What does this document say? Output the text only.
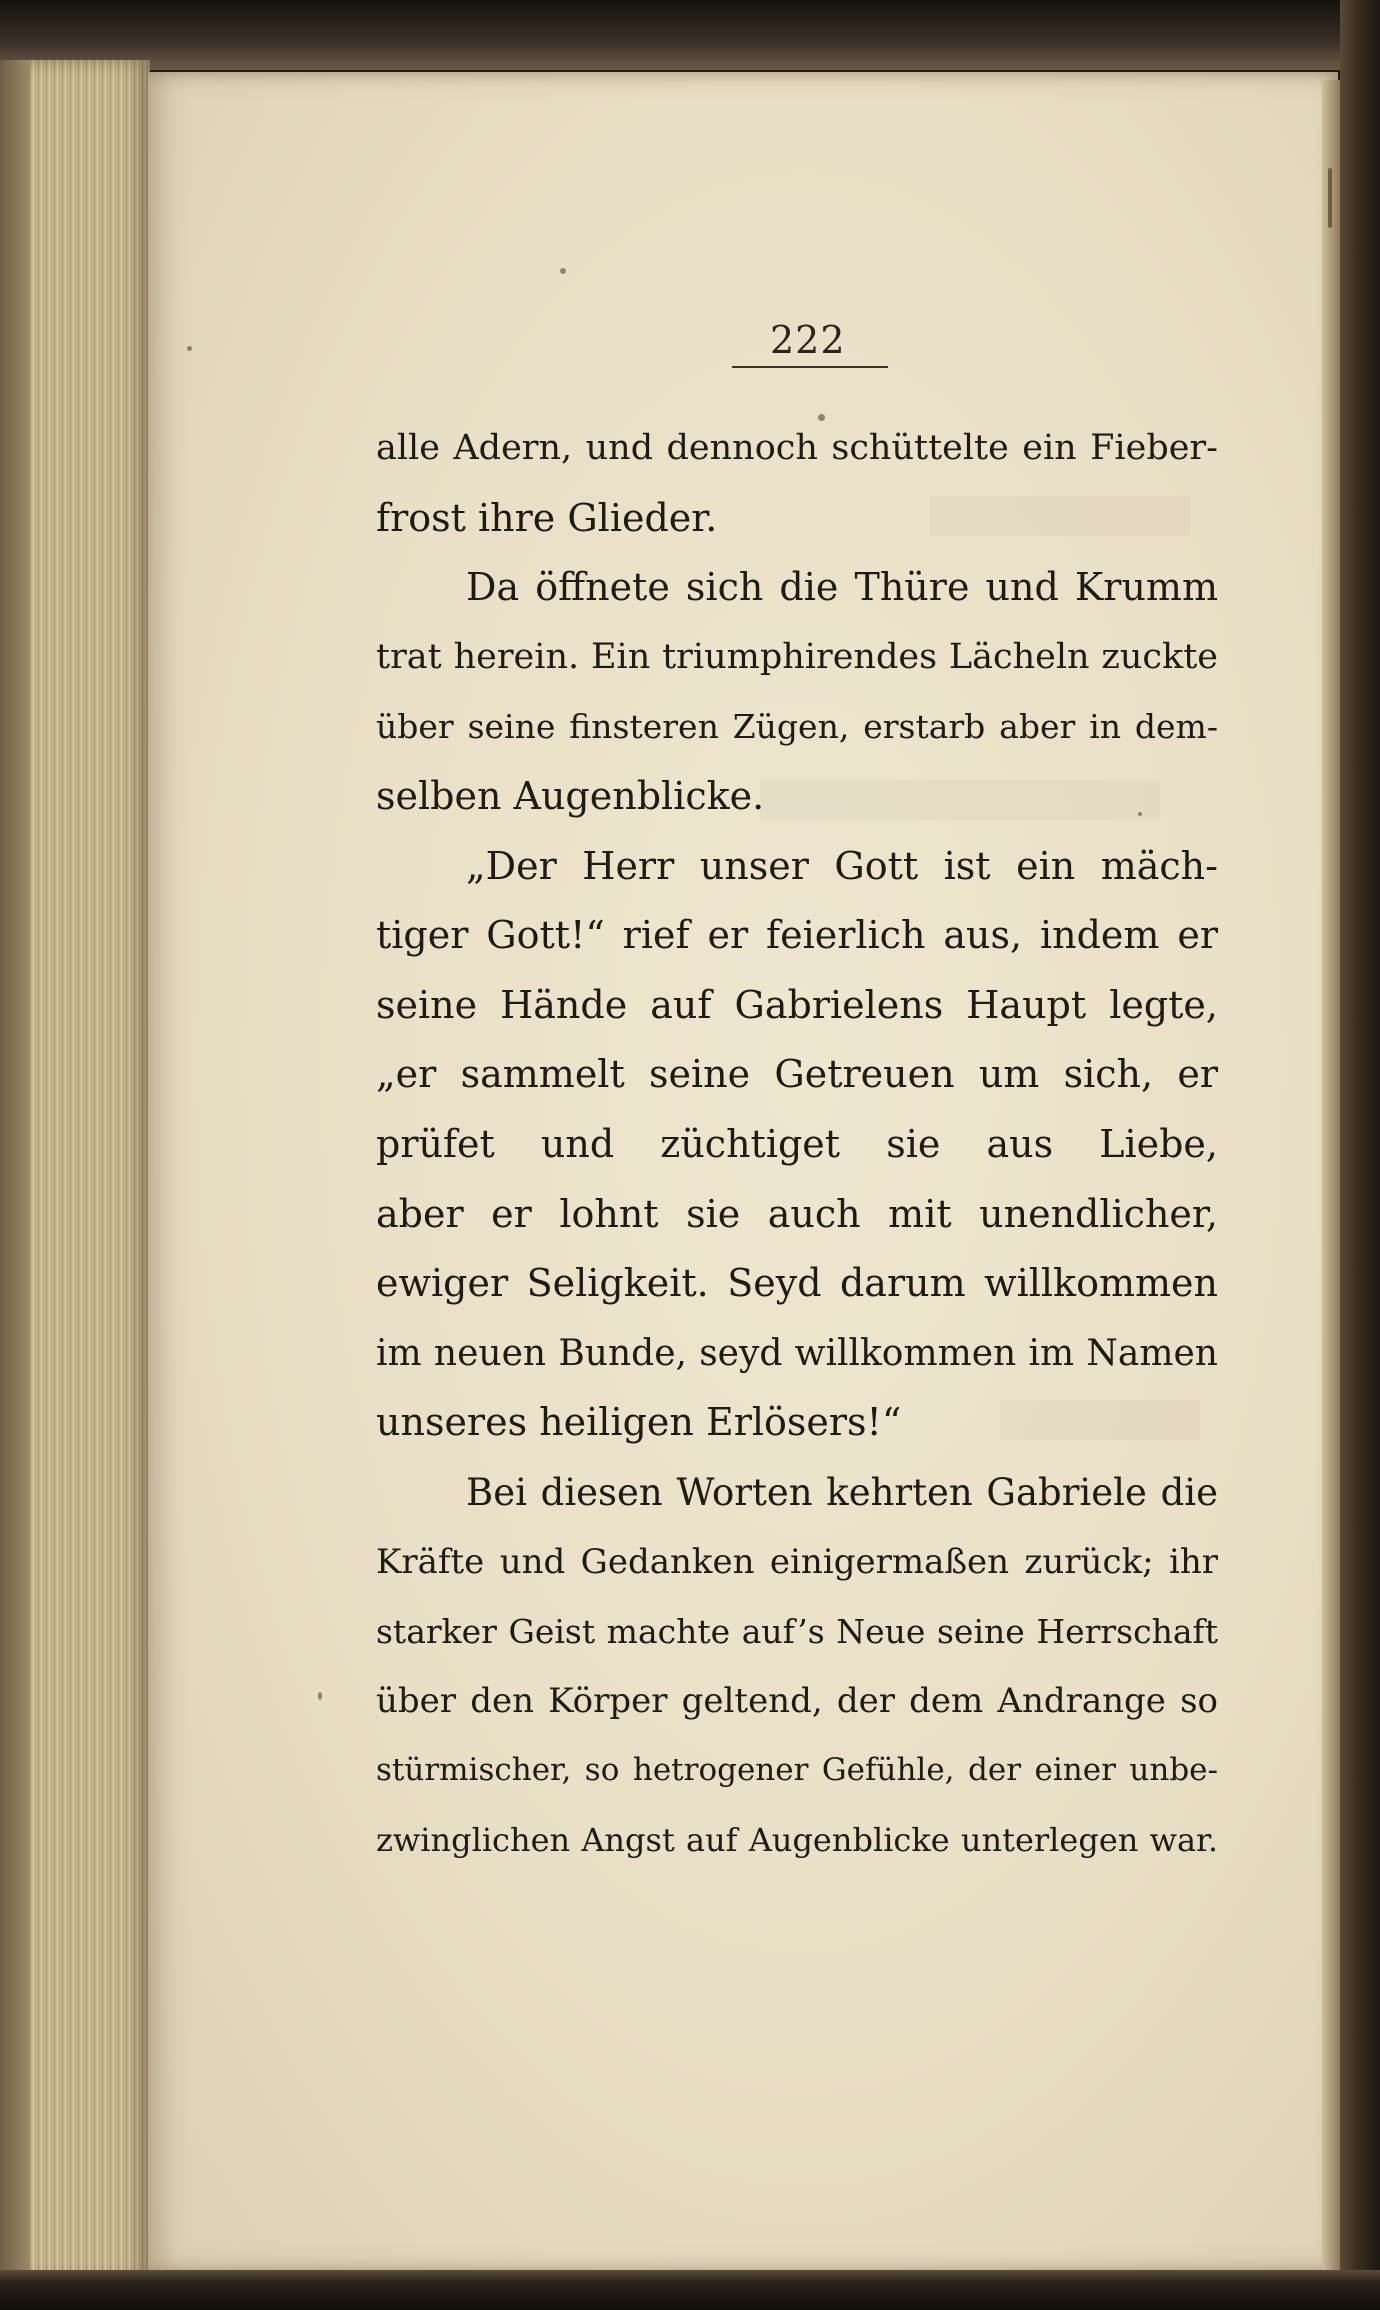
222
alle Adern, und dennoch schüttelte ein Fieber-
frost ihre Glieder.
Da öffnete sich die Thüre und Krumm
trat herein. Ein triumphirendes Lächeln zuckte
über seine finsteren Zügen, erstarb aber in dem-
selben Augenblicke.
„Der Herr unser Gott ist ein mäch-
tiger Gott!“ rief er feierlich aus, indem er
seine Hände auf Gabrielens Haupt legte,
„er sammelt seine Getreuen um sich, er
prüfet und züchtiget sie aus Liebe,
aber er lohnt sie auch mit unendlicher,
ewiger Seligkeit. Seyd darum willkommen
im neuen Bunde, seyd willkommen im Namen
unseres heiligen Erlösers!“
Bei diesen Worten kehrten Gabriele die
Kräfte und Gedanken einigermaßen zurück; ihr
starker Geist machte auf’s Neue seine Herrschaft
über den Körper geltend, der dem Andrange so
stürmischer, so hetrogener Gefühle, der einer unbe-
zwinglichen Angst auf Augenblicke unterlegen war.
